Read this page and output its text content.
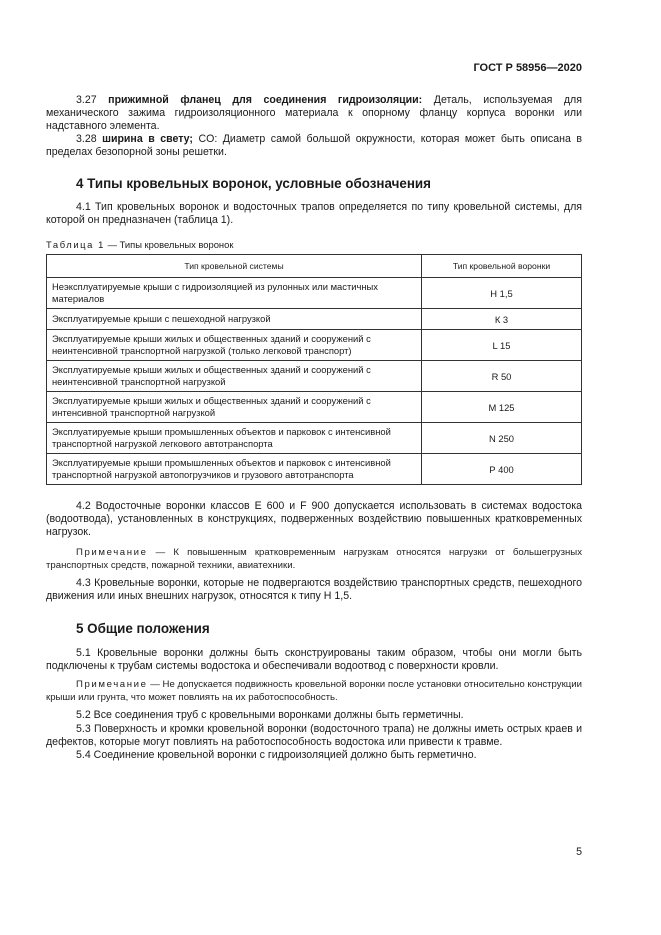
ГОСТ Р 58956—2020
3.27 прижимной фланец для соединения гидроизоляции: Деталь, используемая для механического зажима гидроизоляционного материала к опорному фланцу корпуса воронки или надставного элемента.
3.28 ширина в свету; CO: Диаметр самой большой окружности, которая может быть описана в пределах безопорной зоны решетки.
4 Типы кровельных воронок, условные обозначения
4.1 Тип кровельных воронок и водосточных трапов определяется по типу кровельной системы, для которой он предназначен (таблица 1).
Таблица 1 — Типы кровельных воронок
Тип кровельной системы	Тип кровельной воронки
Неэксплуатируемые крыши с гидроизоляцией из рулонных или мастичных материалов	Н 1,5
Эксплуатируемые крыши с пешеходной нагрузкой	К 3
Эксплуатируемые крыши жилых и общественных зданий и сооружений с неинтенсивной транспортной нагрузкой (только легковой транспорт)	L 15
Эксплуатируемые крыши жилых и общественных зданий и сооружений с неинтенсивной транспортной нагрузкой	R 50
Эксплуатируемые крыши жилых и общественных зданий и сооружений с интенсивной транспортной нагрузкой	М 125
Эксплуатируемые крыши промышленных объектов и парковок с интенсивной транспортной нагрузкой легкового автотранспорта	N 250
Эксплуатируемые крыши промышленных объектов и парковок с интенсивной транспортной нагрузкой автопогрузчиков и грузового автотранспорта	Р 400
4.2 Водосточные воронки классов Е 600 и F 900 допускается использовать в системах водостока (водоотвода), установленных в конструкциях, подверженных воздействию повышенных кратковременных нагрузок.
Примечание — К повышенным кратковременным нагрузкам относятся нагрузки от большегрузных транспортных средств, пожарной техники, авиатехники.
4.3 Кровельные воронки, которые не подвергаются воздействию транспортных средств, пешеходного движения или иных внешних нагрузок, относятся к типу Н 1,5.
5 Общие положения
5.1 Кровельные воронки должны быть сконструированы таким образом, чтобы они могли быть подключены к трубам системы водостока и обеспечивали водоотвод с поверхности кровли.
Примечание — Не допускается подвижность кровельной воронки после установки относительно конструкции крыши или грунта, что может повлиять на их работоспособность.
5.2 Все соединения труб с кровельными воронками должны быть герметичны.
5.3 Поверхность и кромки кровельной воронки (водосточного трапа) не должны иметь острых краев и дефектов, которые могут повлиять на работоспособность водостока или привести к травме.
5.4 Соединение кровельной воронки с гидроизоляцией должно быть герметично.
5
